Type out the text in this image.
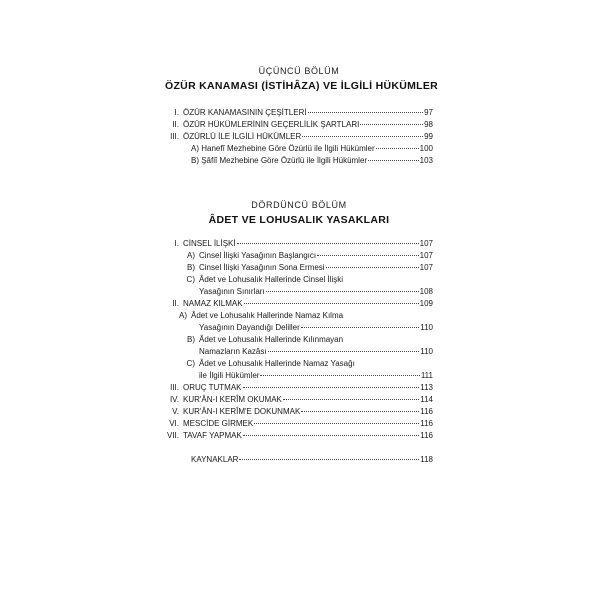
ÜÇÜNCÜ BÖLÜM
ÖZÜR KANAMASI (İSTİHÂZA) VE İLGİLİ HÜKÜMLER
I. ÖZÜR KANAMASININ ÇEŞİTLERİ	97
II. ÖZÜR HÜKÜMLERİNİN GEÇERLİLİK ŞARTLARI	98
III. ÖZÜRLÜ İLE İLGİLİ HÜKÜMLER	99
A) Hanefî Mezhebine Göre Özürlü ile İlgili Hükümler	100
B) Şâfiî Mezhebine Göre Özürlü ile İlgili Hükümler	103
DÖRDÜNCÜ BÖLÜM
ÂDET VE LOHUSALIK YASAKLARI
I. CİNSEL İLİŞKİ	107
A) Cinsel İlişki Yasağının Başlangıcı	107
B) Cinsel İlişki Yasağının Sona Ermesi	107
C) Âdet ve Lohusalık Hallerinde Cinsel İlişki
Yasağının Sınırları	108
II. NAMAZ KILMAK	109
A) Âdet ve Lohusalık Hallerinde Namaz Kılma
Yasağının Dayandığı Deliller	110
B) Âdet ve Lohusalık Hallerinde Kılınmayan
Namazların Kazâsı	110
C) Âdet ve Lohusalık Hallerinde Namaz Yasağı
ile İlgili Hükümler	111
III. ORUÇ TUTMAK	113
IV. KUR'ÂN-I KERÎM OKUMAK	114
V. KUR'ÂN-I KERÎM'E DOKUNMAK	116
VI. MESCİDE GİRMEK	116
VII. TAVAF YAPMAK	116
KAYNAKLAR	118
